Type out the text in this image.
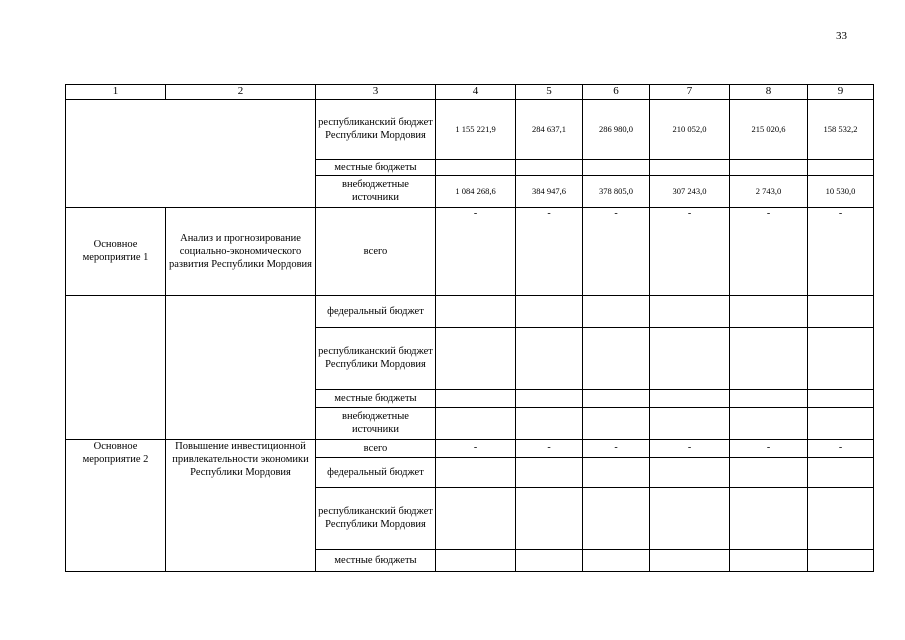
33
1	2	3	4	5	6	7	8	9
		республиканский бюджет Республики Мордовия	1 155 221,9	284 637,1	286 980,0	210 052,0	215 020,6	158 532,2
		местные бюджеты						
		внебюджетные источники	1 084 268,6	384 947,6	378 805,0	307 243,0	2 743,0	10 530,0
Основное мероприятие 1	Анализ и прогнозирование социально-экономического развития Республики Мордовия	всего	-	-	-	-	-	-
		федеральный бюджет						
		республиканский бюджет Республики Мордовия						
		местные бюджеты						
		внебюджетные источники						
Основное мероприятие 2	Повышение инвестиционной привлекательности экономики Республики Мордовия	всего	-	-	-	-	-	-
		федеральный бюджет						
		республиканский бюджет Республики Мордовия						
		местные бюджеты						
